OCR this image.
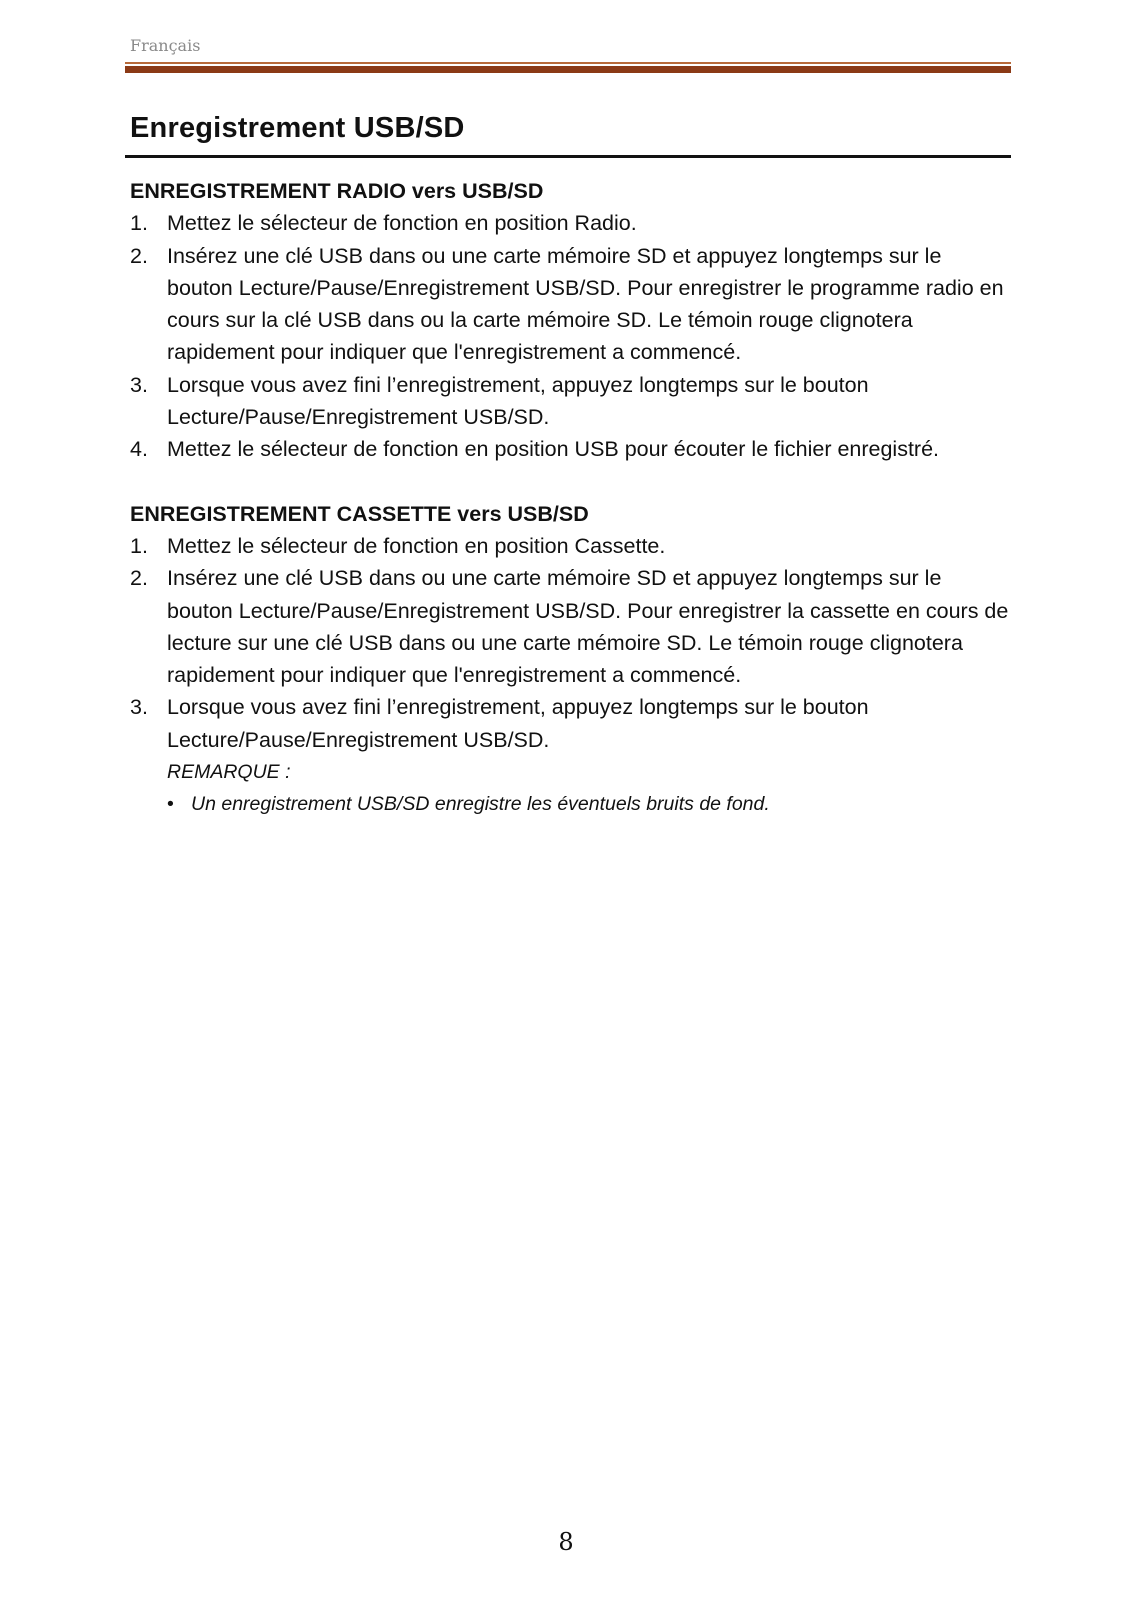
Français
Enregistrement USB/SD

ENREGISTREMENT RADIO vers USB/SD

1. Mettez le sélecteur de fonction en position Radio.
2. Insérez une clé USB dans ou une carte mémoire SD et appuyez longtemps sur le bouton Lecture/Pause/Enregistrement USB/SD. Pour enregistrer le programme radio en cours sur la clé USB dans ou la carte mémoire SD. Le témoin rouge clignotera rapidement pour indiquer que l'enregistrement a commencé.
3. Lorsque vous avez fini l’enregistrement, appuyez longtemps sur le bouton Lecture/Pause/Enregistrement USB/SD.
4. Mettez le sélecteur de fonction en position USB pour écouter le fichier enregistré.

ENREGISTREMENT CASSETTE vers USB/SD

1. Mettez le sélecteur de fonction en position Cassette.
2. Insérez une clé USB dans ou une carte mémoire SD et appuyez longtemps sur le bouton Lecture/Pause/Enregistrement USB/SD. Pour enregistrer la cassette en cours de lecture sur une clé USB dans ou une carte mémoire SD. Le témoin rouge clignotera rapidement pour indiquer que l'enregistrement a commencé.
3. Lorsque vous avez fini l’enregistrement, appuyez longtemps sur le bouton Lecture/Pause/Enregistrement USB/SD.
REMARQUE :
• Un enregistrement USB/SD enregistre les éventuels bruits de fond.
8
